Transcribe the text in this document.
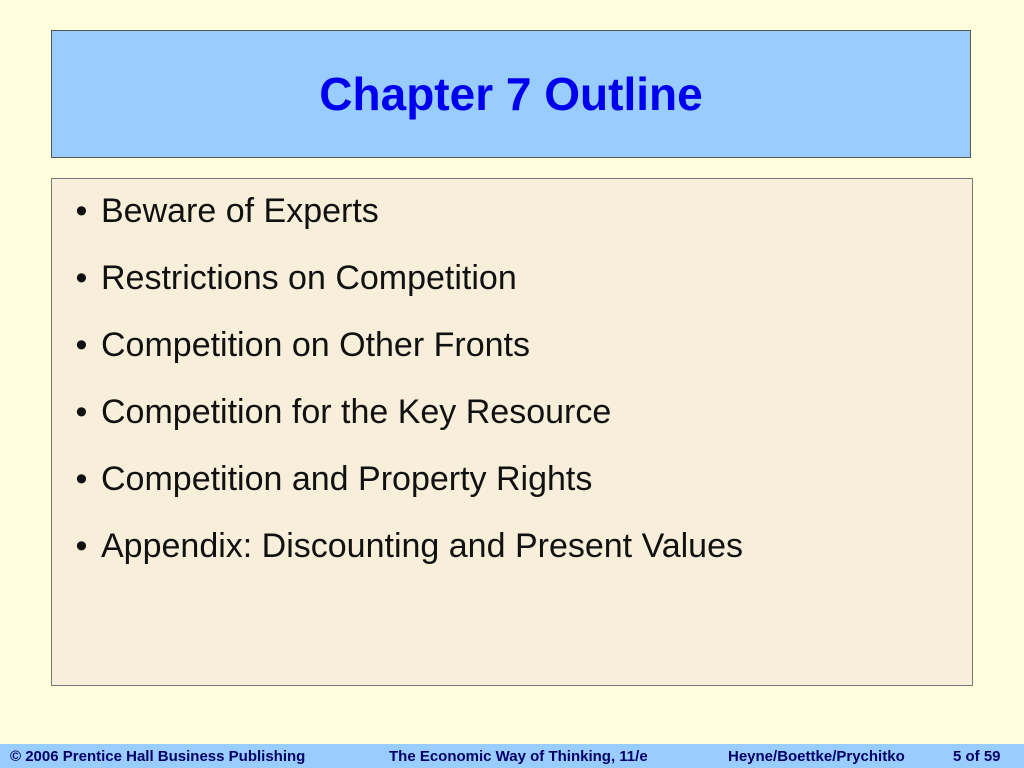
Chapter 7 Outline
• Beware of Experts
• Restrictions on Competition
• Competition on Other Fronts
• Competition for the Key Resource
• Competition and Property Rights
• Appendix: Discounting and Present Values
© 2006 Prentice Hall Business Publishing	The Economic Way of Thinking, 11/e	Heyne/Boettke/Prychitko	5 of 59
